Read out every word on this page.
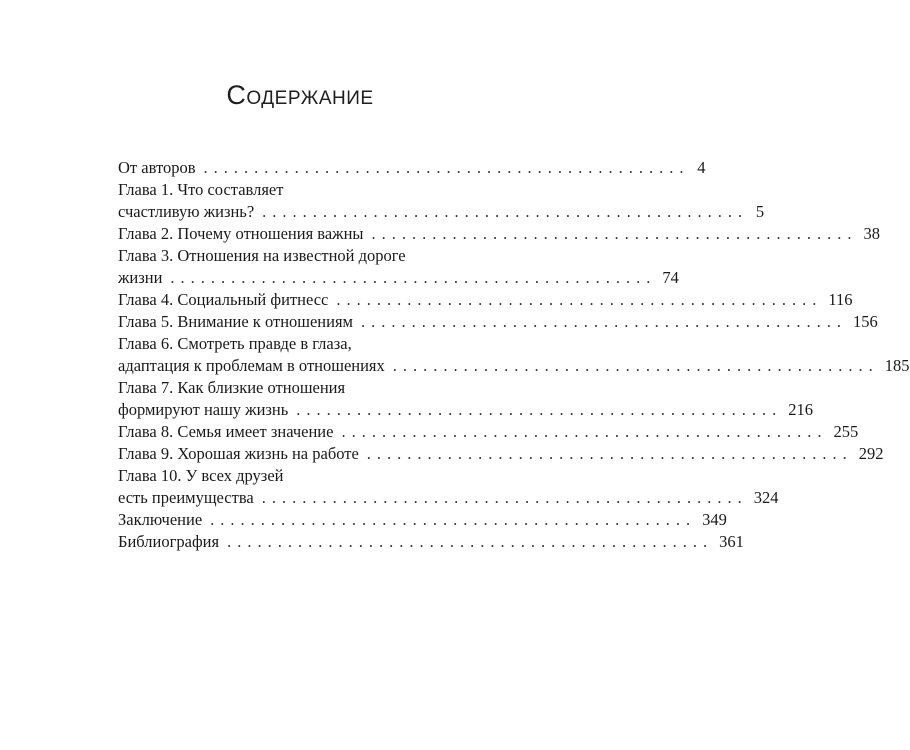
Содержание
От авторов ................................................ 4
Глава 1. Что составляет
счастливую жизнь? ................................................ 5
Глава 2. Почему отношения важны ................................................ 38
Глава 3. Отношения на известной дороге
жизни ................................................ 74
Глава 4. Социальный фитнесс ................................................ 116
Глава 5. Внимание к отношениям ................................................ 156
Глава 6. Смотреть правде в глаза,
адаптация к проблемам в отношениях ................................................ 185
Глава 7. Как близкие отношения
формируют нашу жизнь ................................................ 216
Глава 8. Семья имеет значение ................................................ 255
Глава 9. Хорошая жизнь на работе ................................................ 292
Глава 10. У всех друзей
есть преимущества ................................................ 324
Заключение ................................................ 349
Библиография ................................................ 361
